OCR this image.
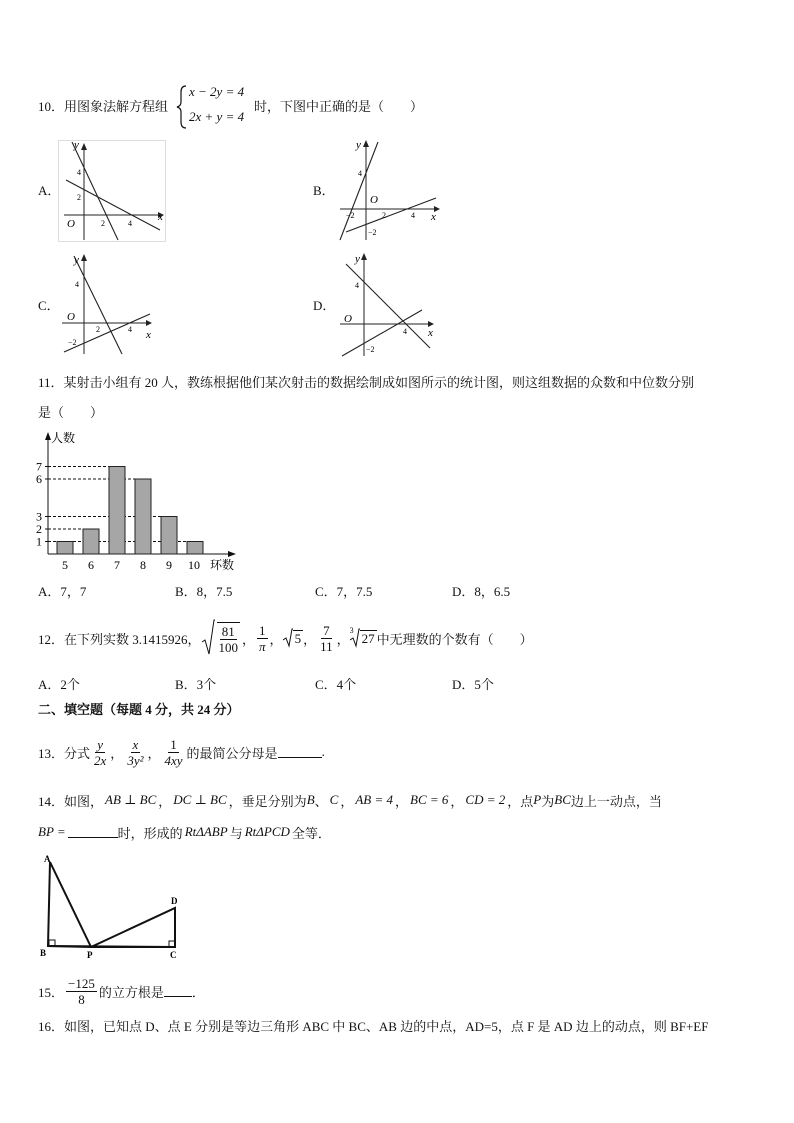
10． 用图象法解方程组
x − 2y = 4
2x + y = 4
时，下图中正确的是（　　）
A．	B．
C．	D．
y
x
O
4
2
2	4
y
x
O
4
−2	2	4
−2
y
x
O
4
2	4
−2
y
x
O
4
4
−2
11．某射击小组有 20 人，教练根据他们某次射击的数据绘制成如图所示的统计图，则这组数据的众数和中位数分别
是（　　）
人数
环数
1
2
3
6
7
5 6 7 8 9 10
A．7，7	B．8，7.5	C．7，7.5	D．8，6.5
12．在下列实数 3.1415926， $\frac{81}{100}$ ， $\frac{1}{\pi}$ ， 5 ， $\frac{7}{11}$ ，
3
27 中无理数的个数有（　　）
A．2个	B．3个	C．4个	D．5个
二、填空题（每题 4 分，共 24 分）
13．分式 $\frac{y}{2x}$ ， $\frac{x}{\text{3y²}}$ ， $\frac{1}{4xy}$ 的最简公分母是	.
14．如图， AB ⊥ BC ， DC ⊥ BC ，垂足分别为 B 、 C ， AB = 4 ， BC = 6 ， CD = 2 ，点 P 为 BC 边上一动点，当
BP =	时，形成的 RtΔABP 与 RtΔPCD 全等．
A
B	P	C
D
15． $\frac{-125}{8}$ 的立方根是 ．
16．如图，已知点 D、点 E 分别是等边三角形 ABC 中 BC、AB 边的中点，AD=5，点 F 是 AD 边上的动点，则 BF+EF
